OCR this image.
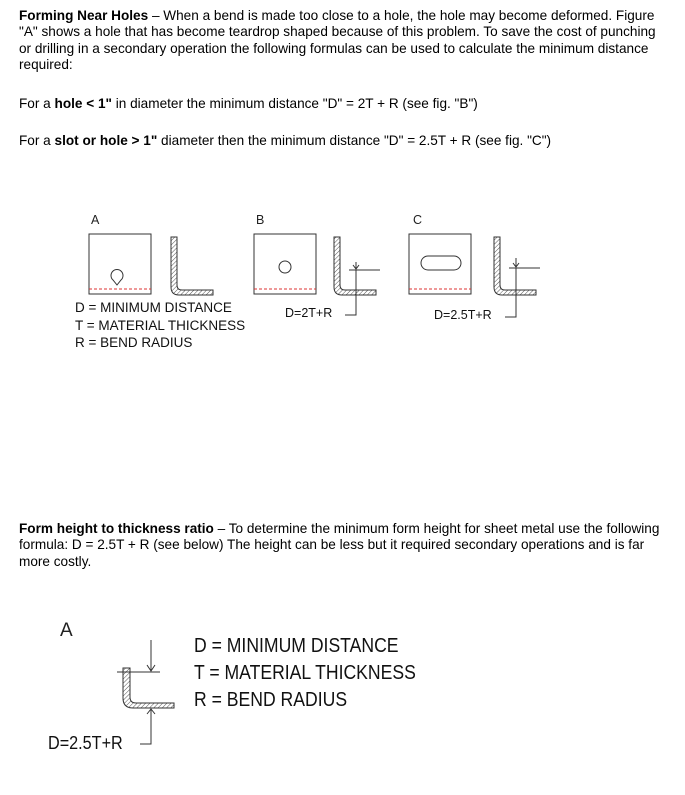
Forming Near Holes – When a bend is made too close to a hole, the hole may become deformed. Figure "A" shows a hole that has become teardrop shaped because of this problem. To save the cost of punching or drilling in a secondary operation the following formulas can be used to calculate the minimum distance required:
For a hole < 1" in diameter the minimum distance "D" = 2T + R (see fig. "B")
For a slot or hole > 1" diameter then the minimum distance "D" = 2.5T + R (see fig. "C")
A	B	C
D = MINIMUM DISTANCE
T = MATERIAL THICKNESS
R = BEND RADIUS
D=2T+R	D=2.5T+R
Form height to thickness ratio – To determine the minimum form height for sheet metal use the following formula: D = 2.5T + R (see below) The height can be less but it required secondary operations and is far more costly.
A
D = MINIMUM DISTANCE
T = MATERIAL THICKNESS
R = BEND RADIUS
D=2.5T+R
